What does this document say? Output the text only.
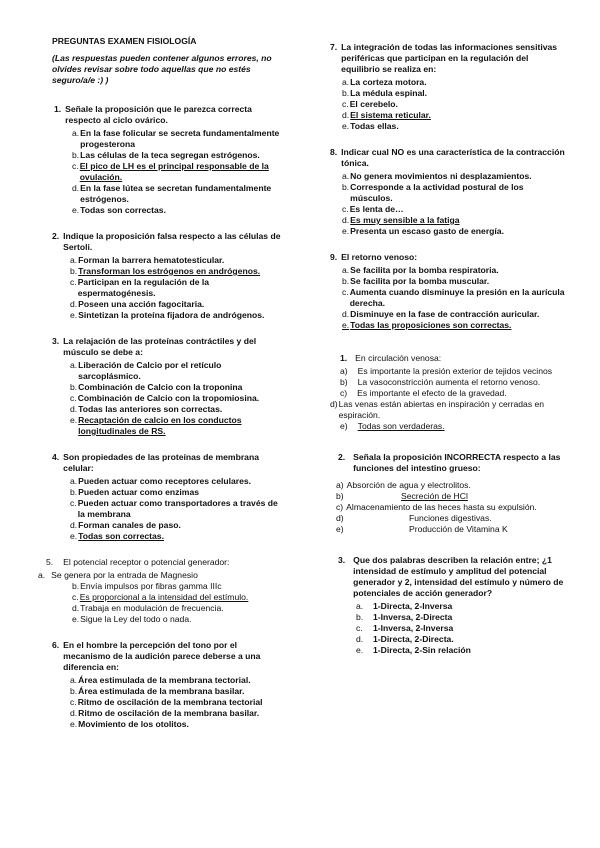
PREGUNTAS EXAMEN FISIOLOGÍA
(Las respuestas pueden contener algunos errores, no olvides revisar sobre todo aquellas que no estés seguro/a/e :) )
1. Señale la proposición que le parezca correcta respecto al ciclo ovárico.
a. En la fase folicular se secreta fundamentalmente progesterona
b. Las células de la teca segregan estrógenos.
c. El pico de LH es el principal responsable de la ovulación.
d. En la fase lútea se secretan fundamentalmente estrógenos.
e. Todas son correctas.
2. Indique la proposición falsa respecto a las células de Sertoli.
a. Forman la barrera hematotesticular.
b. Transforman los estrógenos en andrógenos.
c. Participan en la regulación de la espermatogénesis.
d. Poseen una acción fagocitaria.
e. Sintetizan la proteína fijadora de andrógenos.
3. La relajación de las proteínas contráctiles y del músculo se debe a:
a. Liberación de Calcio por el retículo sarcoplásmico.
b. Combinación de Calcio con la troponina
c. Combinación de Calcio con la tropomiosina.
d. Todas las anteriores son correctas.
e. Recaptación de calcio en los conductos longitudinales de RS.
4. Son propiedades de las proteínas de membrana celular:
a. Pueden actuar como receptores celulares.
b. Pueden actuar como enzimas
c. Pueden actuar como transportadores a través de la membrana
d. Forman canales de paso.
e. Todas son correctas.
5. El potencial receptor o potencial generador:
a. Se genera por la entrada de Magnesio
b. Envía impulsos por fibras gamma IIIc
c. Es proporcional a la intensidad del estímulo.
d. Trabaja en modulación de frecuencia.
e. Sigue la Ley del todo o nada.
6. En el hombre la percepción del tono por el mecanismo de la audición parece deberse a una diferencia en:
a. Área estimulada de la membrana tectorial.
b. Área estimulada de la membrana basilar.
c. Ritmo de oscilación de la membrana tectorial
d. Ritmo de oscilación de la membrana basilar.
e. Movimiento de los otolitos.
7. La integración de todas las informaciones sensitivas periféricas que participan en la regulación del equilibrio se realiza en:
a. La corteza motora.
b. La médula espinal.
c. El cerebelo.
d. El sistema reticular.
e. Todas ellas.
8. Indicar cual NO es una característica de la contracción tónica.
a. No genera movimientos ni desplazamientos.
b. Corresponde a la actividad postural de los músculos.
c. Es lenta de…
d. Es muy sensible a la fatiga
e. Presenta un escaso gasto de energía.
9. El retorno venoso:
a. Se facilita por la bomba respiratoria.
b. Se facilita por la bomba muscular.
c. Aumenta cuando disminuye la presión en la aurícula derecha.
d. Disminuye en la fase de contracción auricular.
e. Todas las proposiciones son correctas.
1. En circulación venosa:
a) Es importante la presión exterior de tejidos vecinos
b) La vasoconstricción aumenta el retorno venoso.
c) Es importante el efecto de la gravedad.
d) Las venas están abiertas en inspiración y cerradas en espiración.
e) Todas son verdaderas.
2. Señala la proposición INCORRECTA respecto a las funciones del intestino grueso:
a) Absorción de agua y electrolitos.
b)	Secreción de HCl
c) Almacenamiento de las heces hasta su expulsión.
d)	Funciones digestivas.
e)	Producción de Vitamina K
3. Que dos palabras describen la relación entre; ¿1 intensidad de estímulo y amplitud del potencial generador y 2, intensidad del estímulo y número de potenciales de acción generador?
a.	1-Directa, 2-Inversa
b.	1-Inversa, 2-Directa
c.	1-Inversa, 2-Inversa
d.	1-Directa, 2-Directa.
e.	1-Directa, 2-Sin relación
